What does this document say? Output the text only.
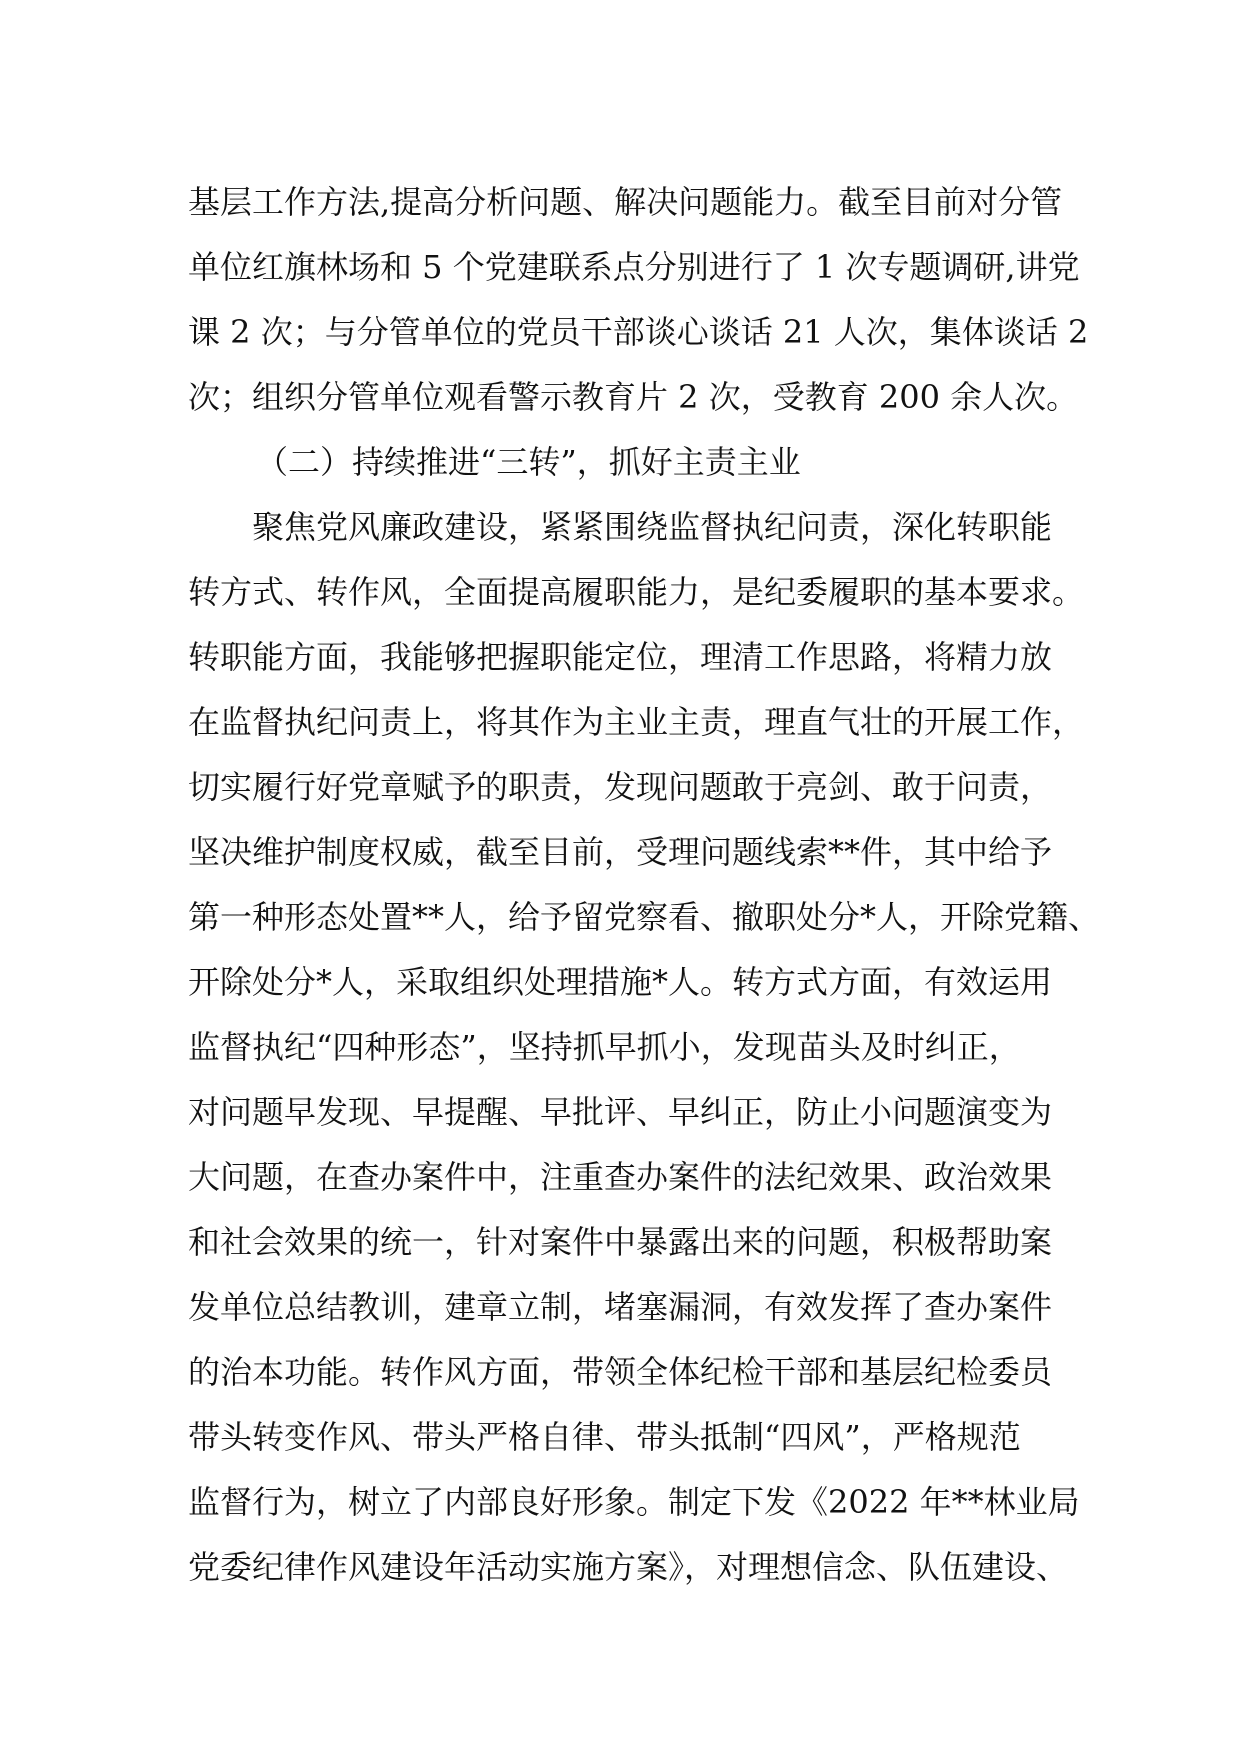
基层工作方法,提高分析问题、解决问题能力。截至目前对分管
单位红旗林场和 5 个党建联系点分别进行了 1 次专题调研,讲党
课 2 次；与分管单位的党员干部谈心谈话 21 人次，集体谈话 2
次；组织分管单位观看警示教育片 2 次，受教育 200 余人次。
（二）持续推进“三转”，抓好主责主业
聚焦党风廉政建设，紧紧围绕监督执纪问责，深化转职能
转方式、转作风，全面提高履职能力，是纪委履职的基本要求。
转职能方面，我能够把握职能定位，理清工作思路，将精力放
在监督执纪问责上，将其作为主业主责，理直气壮的开展工作，
切实履行好党章赋予的职责，发现问题敢于亮剑、敢于问责，
坚决维护制度权威，截至目前，受理问题线索**件，其中给予
第一种形态处置**人，给予留党察看、撤职处分*人，开除党籍、
开除处分*人，采取组织处理措施*人。转方式方面，有效运用
监督执纪“四种形态”，坚持抓早抓小，发现苗头及时纠正，
对问题早发现、早提醒、早批评、早纠正，防止小问题演变为
大问题，在查办案件中，注重查办案件的法纪效果、政治效果
和社会效果的统一，针对案件中暴露出来的问题，积极帮助案
发单位总结教训，建章立制，堵塞漏洞，有效发挥了查办案件
的治本功能。转作风方面，带领全体纪检干部和基层纪检委员
带头转变作风、带头严格自律、带头抵制“四风”，严格规范
监督行为，树立了内部良好形象。制定下发《2022 年**林业局
党委纪律作风建设年活动实施方案》，对理想信念、队伍建设、
